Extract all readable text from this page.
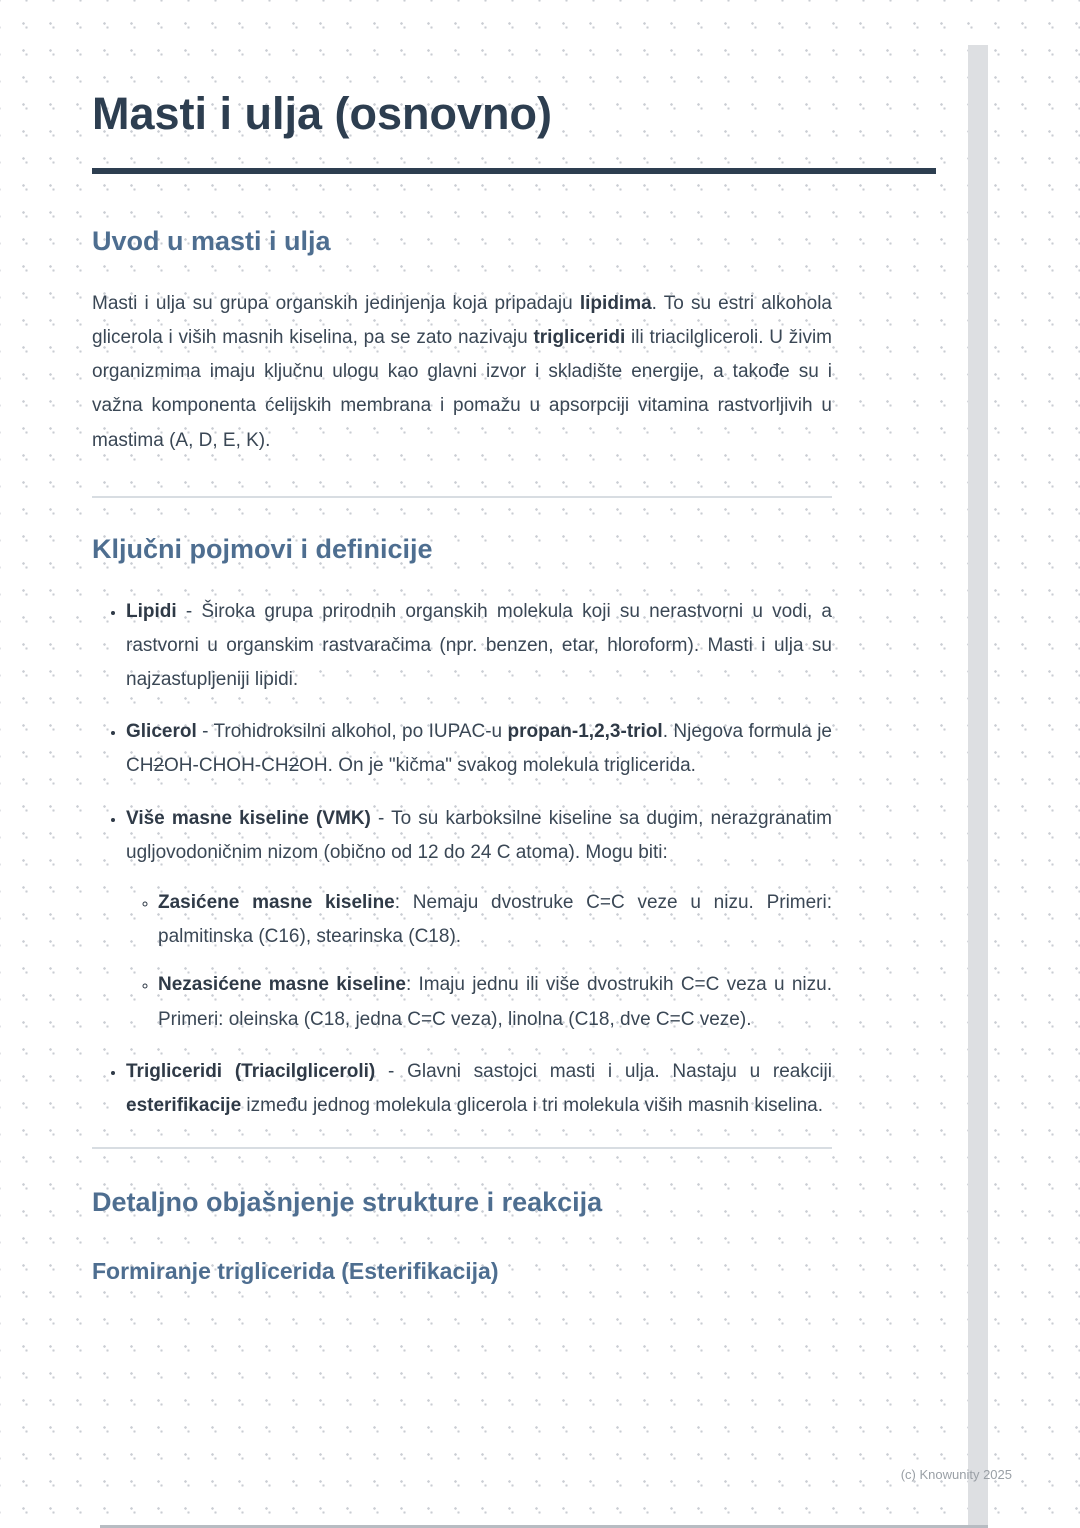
Masti i ulja (osnovno)
Uvod u masti i ulja

Masti i ulja su grupa organskih jedinjenja koja pripadaju lipidima. To su estri alkohola glicerola i viših masnih kiselina, pa se zato nazivaju trigliceridi ili triacilgliceroli. U živim organizmima imaju ključnu ulogu kao glavni izvor i skladište energije, a takođe su i važna komponenta ćelijskih membrana i pomažu u apsorpciji vitamina rastvorljivih u mastima (A, D, E, K).

Ključni pojmovi i definicije
• Lipidi - Široka grupa prirodnih organskih molekula koji su nerastvorni u vodi, a rastvorni u organskim rastvaračima (npr. benzen, etar, hloroform). Masti i ulja su najzastupljeniji lipidi.
• Glicerol - Trohidroksilni alkohol, po IUPAC-u propan-1,2,3-triol. Njegova formula je CH2OH-CHOH-CH2OH. On je "kičma" svakog molekula triglicerida.
• Više masne kiseline (VMK) - To su karboksilne kiseline sa dugim, nerazgranatim ugljovodoničnim nizom (obično od 12 do 24 C atoma). Mogu biti:
◦ Zasićene masne kiseline: Nemaju dvostruke C=C veze u nizu. Primeri: palmitinska (C16), stearinska (C18).
◦ Nezasićene masne kiseline: Imaju jednu ili više dvostrukih C=C veza u nizu. Primeri: oleinska (C18, jedna C=C veza), linolna (C18, dve C=C veze).
• Trigliceridi (Triacilgliceroli) - Glavni sastojci masti i ulja. Nastaju u reakciji esterifikacije između jednog molekula glicerola i tri molekula viših masnih kiselina.
Detaljno objašnjenje strukture i reakcija
Formiranje triglicerida (Esterifikacija)
(c) Knowunity 2025
